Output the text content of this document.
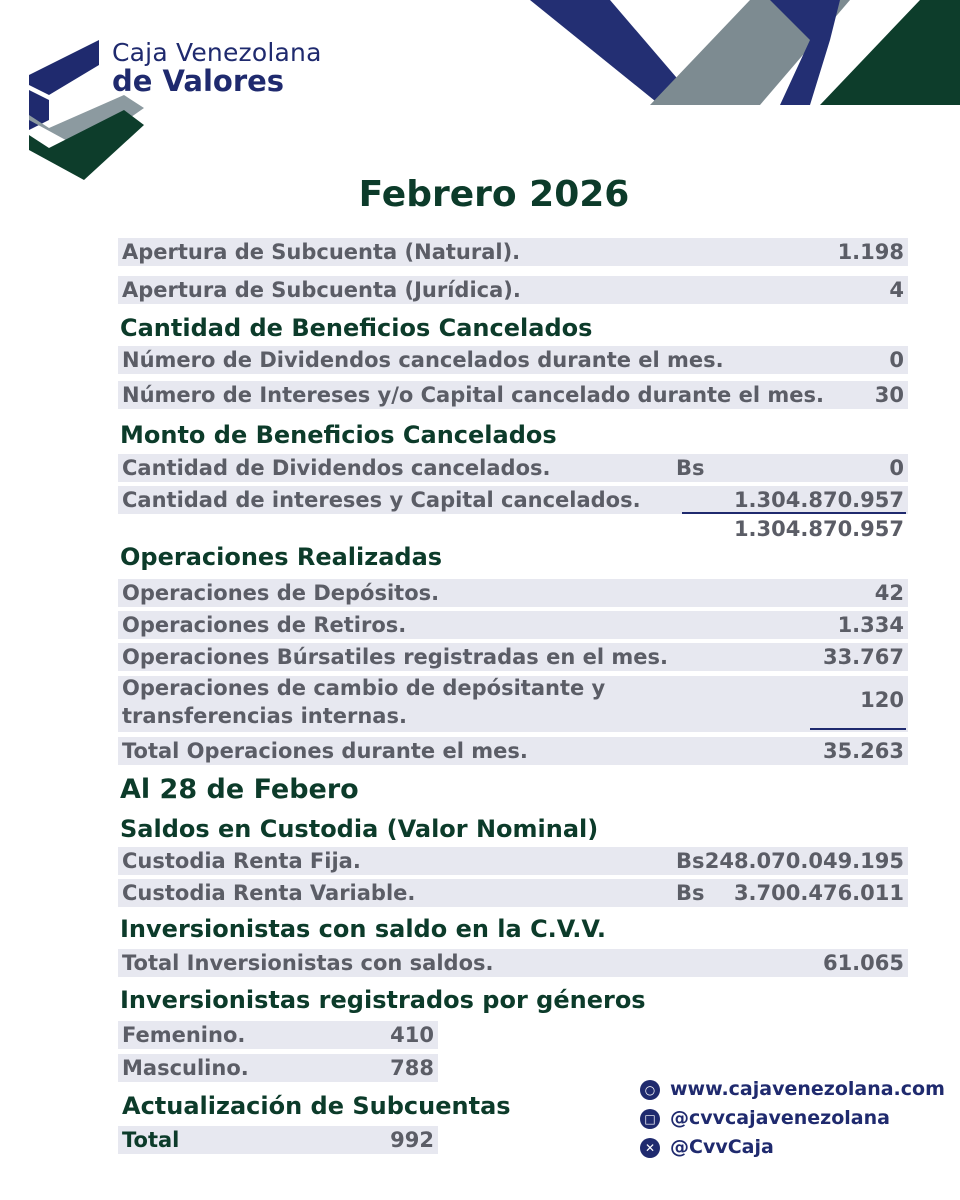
Caja Venezolana
de Valores
Febrero 2026
Apertura de Subcuenta (Natural).	1.198
Apertura de Subcuenta (Jurídica).	4
Cantidad de Beneficios Cancelados
Número de Dividendos cancelados durante el mes.	0
Número de Intereses y/o Capital cancelado durante el mes. 30
Monto de Beneficios Cancelados
Cantidad de Dividendos cancelados.	Bs	0
Cantidad de intereses y Capital cancelados.	1.304.870.957
1.304.870.957
Operaciones Realizadas
Operaciones de Depósitos.	42
Operaciones de Retiros.	1.334
Operaciones Búrsatiles registradas en el mes.	33.767
Operaciones de cambio de depósitante y
transferencias internas.
120
Total Operaciones durante el mes.	35.263
Al 28 de Febero
Saldos en Custodia (Valor Nominal)
Custodia Renta Fija.	Bs 248.070.049.195
Custodia Renta Variable.	Bs 3.700.476.011
Inversionistas con saldo en la C.V.V.
Total Inversionistas con saldos.	61.065
Inversionistas registrados por géneros
Femenino.	410
Masculino.	788
Actualización de Subcuentas
Total	992
○ www.cajavenezolana.com
□ @cvvcajavenezolana
✕ @CvvCaja
